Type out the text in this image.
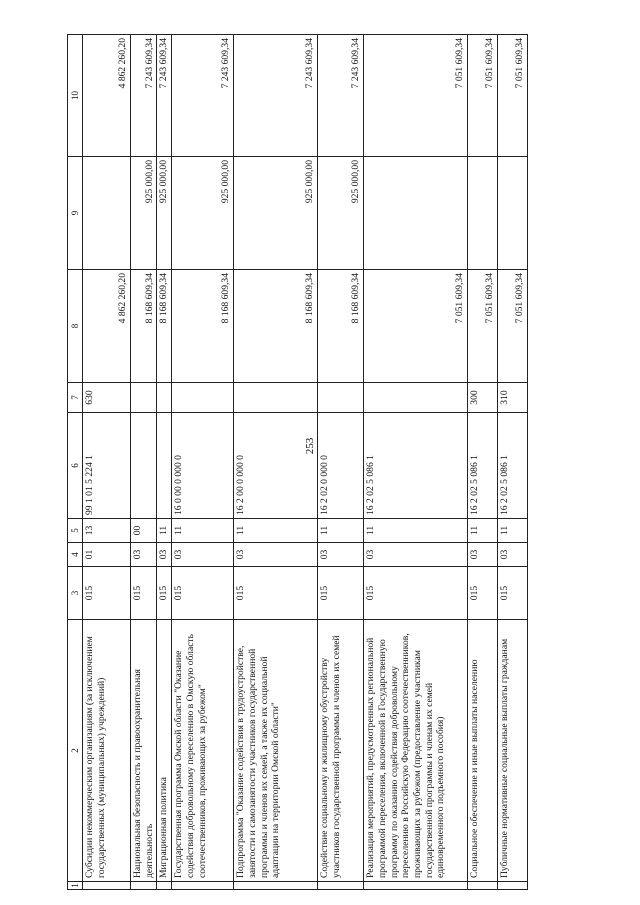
253
1	2	3	4	5	6	7	8	9	10
	Субсидии некоммерческим организациям (за исключением государственных (муниципальных) учреждений)	015	01	13	99 1 01 5 224 1	630	4 862 260,20		4 862 260,20
	Национальная безопасность и правоохранительная деятельность	015	03	00			8 168 609,34	925 000,00	7 243 609,34
	Миграционная политика	015	03	11			8 168 609,34	925 000,00	7 243 609,34
	Государственная программа Омской области "Оказание содействия добровольному переселению в Омскую область соотечественников, проживающих за рубежом"	015	03	11	16 0 00 0 000 0		8 168 609,34	925 000,00	7 243 609,34
	Подпрограмма "Оказание содействия в трудоустройстве, занятости и самозанятости участников государственной программы и членов их семей, а также их социальной адаптации на территории Омской области"	015	03	11	16 2 00 0 000 0		8 168 609,34	925 000,00	7 243 609,34
	Содействие социальному и жилищному обустройству участников государственной программы и членов их семей	015	03	11	16 2 02 0 000 0		8 168 609,34	925 000,00	7 243 609,34
	Реализация мероприятий, предусмотренных региональной программой переселения, включенной в Государственную программу по оказанию содействия добровольному переселению в Российскую Федерацию соотечественников, проживающих за рубежом (предоставление участникам государственной программы и членам их семей единовременного подъемного пособия)	015	03	11	16 2 02 5 086 1		7 051 609,34		7 051 609,34
	Социальное обеспечение и иные выплаты населению	015	03	11	16 2 02 5 086 1	300	7 051 609,34		7 051 609,34
	Публичные нормативные социальные выплаты гражданам	015	03	11	16 2 02 5 086 1	310	7 051 609,34		7 051 609,34
